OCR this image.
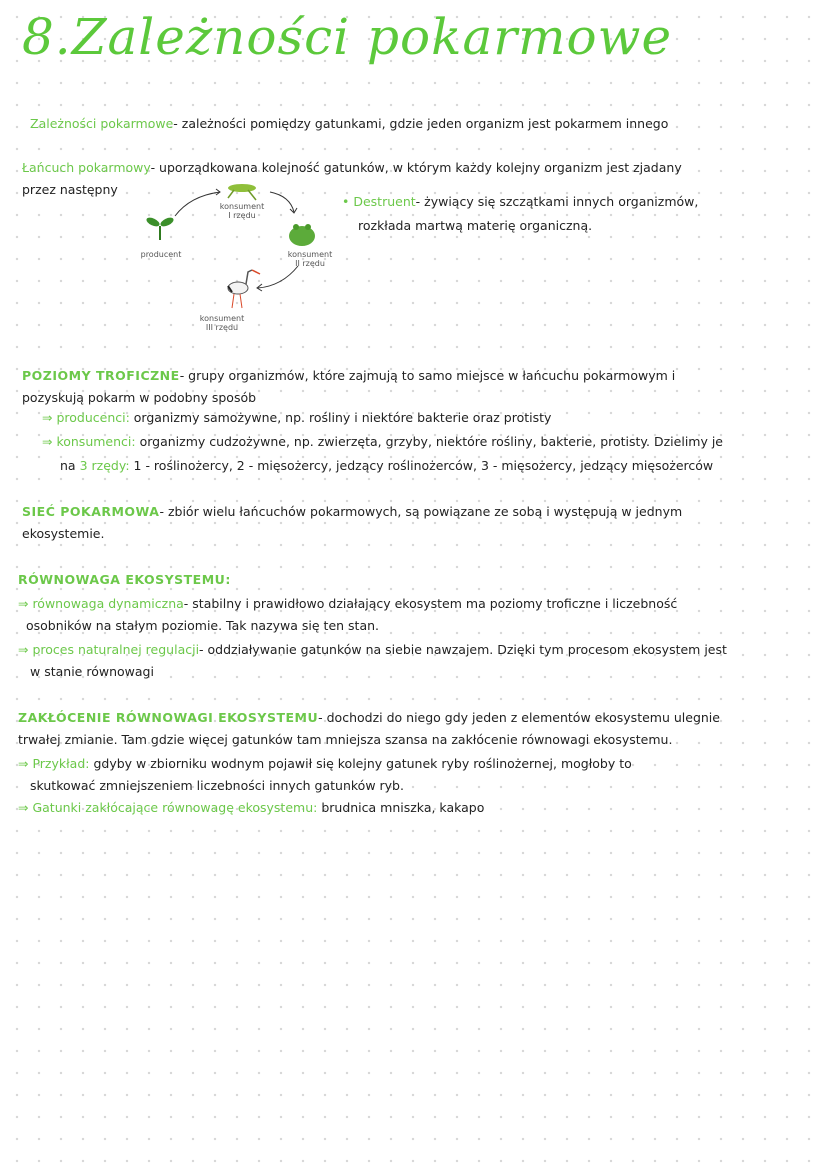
8.Zależności pokarmowe
Zależności pokarmowe- zależności pomiędzy gatunkami, gdzie jeden organizm jest pokarmem innego
Łańcuch pokarmowy- uporządkowana kolejność gatunków, w którym każdy kolejny organizm jest zjadany
przez następny
producent
konsument
I rzędu
konsument
II rzędu
konsument
III rzędu
• Destruent- żywiący się szczątkami innych organizmów,
rozkłada martwą materię organiczną.
POZIOMY TROFICZNE- grupy organizmów, które zajmują to samo miejsce w łańcuchu pokarmowym i
pozyskują pokarm w podobny sposób
⇒ producenci: organizmy samożywne, np. rośliny i niektóre bakterie oraz protisty
⇒ konsumenci: organizmy cudzożywne, np. zwierzęta, grzyby, niektóre rośliny, bakterie, protisty. Dzielimy je
na 3 rzędy: 1 - roślinożercy, 2 - mięsożercy, jedzący roślinożerców, 3 - mięsożercy, jedzący mięsożerców
SIEĆ POKARMOWA- zbiór wielu łańcuchów pokarmowych, są powiązane ze sobą i występują w jednym
ekosystemie.
RÓWNOWAGA EKOSYSTEMU:
⇒ równowaga dynamiczna- stabilny i prawidłowo działający ekosystem ma poziomy troficzne i liczebność
osobników na stałym poziomie. Tak nazywa się ten stan.
⇒ proces naturalnej regulacji- oddziaływanie gatunków na siebie nawzajem. Dzięki tym procesom ekosystem jest
w stanie równowagi
ZAKŁÓCENIE RÓWNOWAGI EKOSYSTEMU- dochodzi do niego gdy jeden z elementów ekosystemu ulegnie
trwałej zmianie. Tam gdzie więcej gatunków tam mniejsza szansa na zakłócenie równowagi ekosystemu.
⇒ Przykład: gdyby w zbiorniku wodnym pojawił się kolejny gatunek ryby roślinożernej, mogłoby to
skutkować zmniejszeniem liczebności innych gatunków ryb.
⇒ Gatunki zakłócające równowagę ekosystemu: brudnica mniszka, kakapo
